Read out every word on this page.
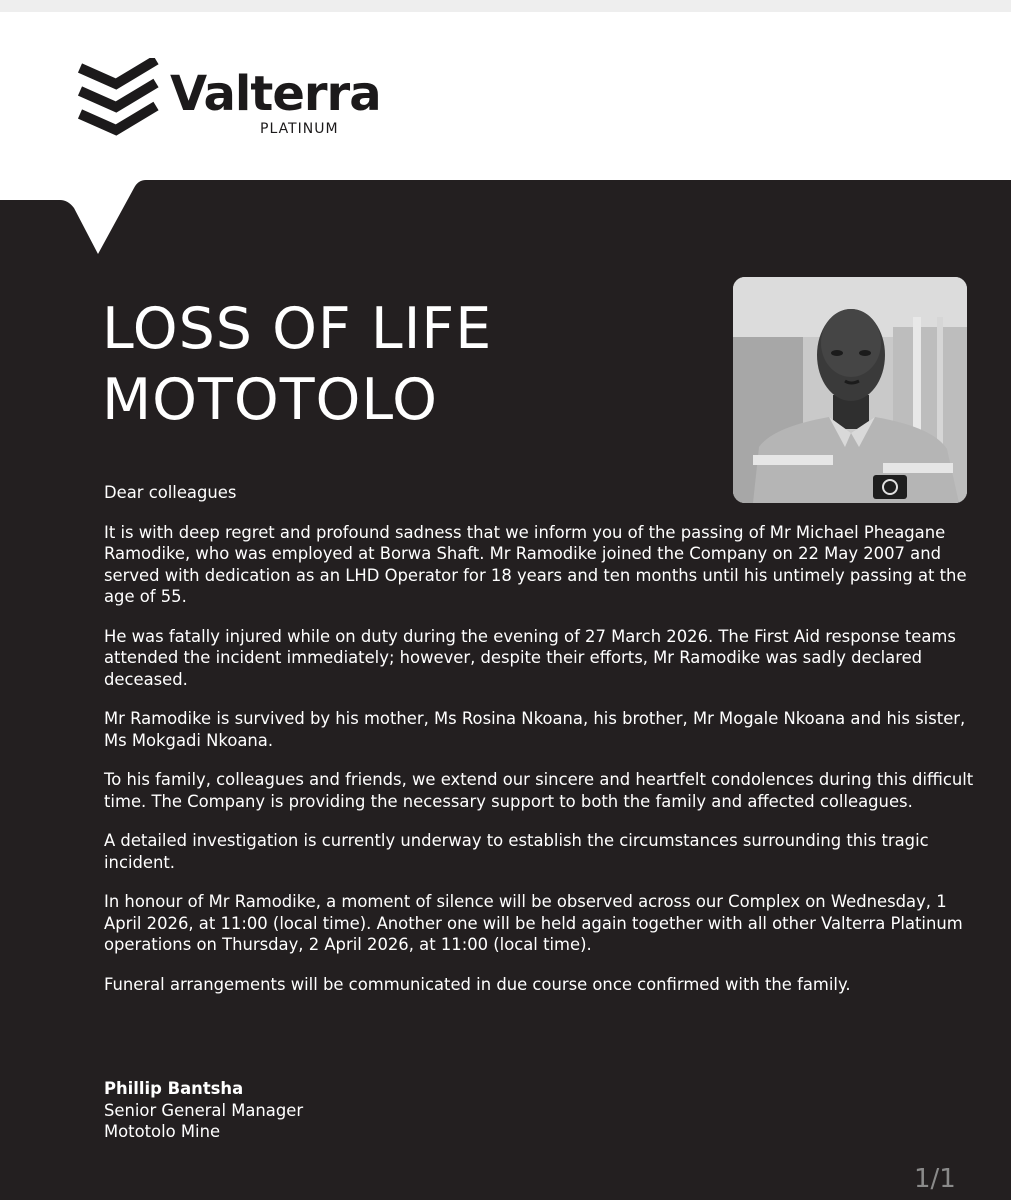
Valterra
PLATINUM
LOSS OF LIFE
MOTOTOLO

Dear colleagues

It is with deep regret and profound sadness that we inform you of the passing of Mr Michael Pheagane Ramodike, who was employed at Borwa Shaft. Mr Ramodike joined the Company on 22 May 2007 and served with dedication as an LHD Operator for 18 years and ten months until his untimely passing at the age of 55.

He was fatally injured while on duty during the evening of 27 March 2026. The First Aid response teams attended the incident immediately; however, despite their efforts, Mr Ramodike was sadly declared deceased.

Mr Ramodike is survived by his mother, Ms Rosina Nkoana, his brother, Mr Mogale Nkoana and his sister, Ms Mokgadi Nkoana.

To his family, colleagues and friends, we extend our sincere and heartfelt condolences during this difficult time. The Company is providing the necessary support to both the family and affected colleagues.

A detailed investigation is currently underway to establish the circumstances surrounding this tragic incident.

In honour of Mr Ramodike, a moment of silence will be observed across our Complex on Wednesday, 1 April 2026, at 11:00 (local time). Another one will be held again together with all other Valterra Platinum operations on Thursday, 2 April 2026, at 11:00 (local time).

Funeral arrangements will be communicated in due course once confirmed with the family.

Phillip Bantsha
Senior General Manager
Mototolo Mine
1/1
